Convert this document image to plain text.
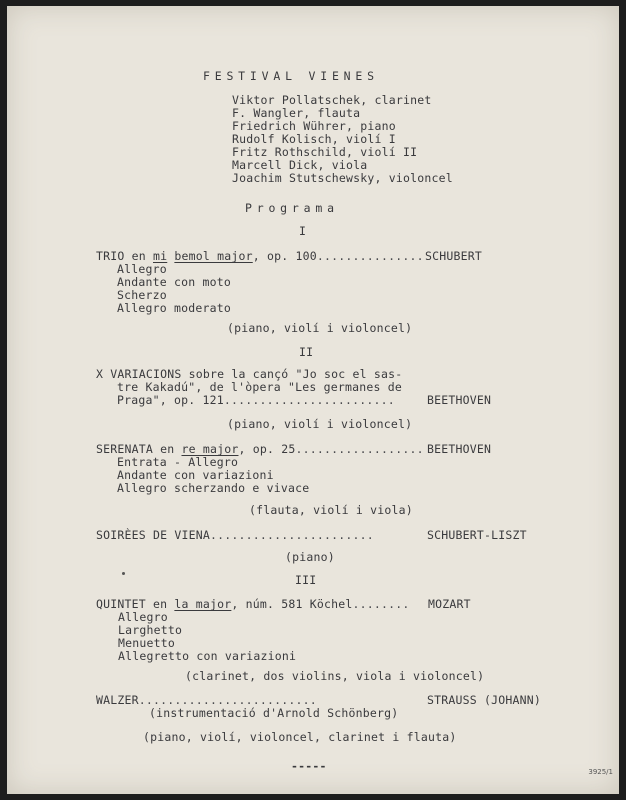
FESTIVAL VIENES
Viktor Pollatschek, clarinet
F. Wangler, flauta
Friedrich Wührer, piano
Rudolf Kolisch, violí I
Fritz Rothschild, violí II
Marcell Dick, viola
Joachim Stutschewsky, violoncel
Programa
I
TRIO en mi bemol major, op. 100............... SCHUBERT
Allegro
Andante con moto
Scherzo
Allegro moderato
(piano, violí i violoncel)
II
X VARIACIONS sobre la cançó "Jo soc el sas-
tre Kakadú", de l'òpera "Les germanes de
Praga", op. 121........................	BEETHOVEN
(piano, violí i violoncel)
SERENATA en re major, op. 25.................. BEETHOVEN
Entrata - Allegro
Andante con variazioni
Allegro scherzando e vivace
(flauta, violí i viola)
SOIRÈES DE VIENA.......................	SCHUBERT-LISZT
(piano)
III
QUINTET en la major, núm. 581 Köchel........ MOZART
Allegro
Larghetto
Menuetto
Allegretto con variazioni
(clarinet, dos violins, viola i violoncel)
WALZER.........................	STRAUSS (JOHANN)
(instrumentació d'Arnold Schönberg)
(piano, violí, violoncel, clarinet i flauta)
-----	3925/1
